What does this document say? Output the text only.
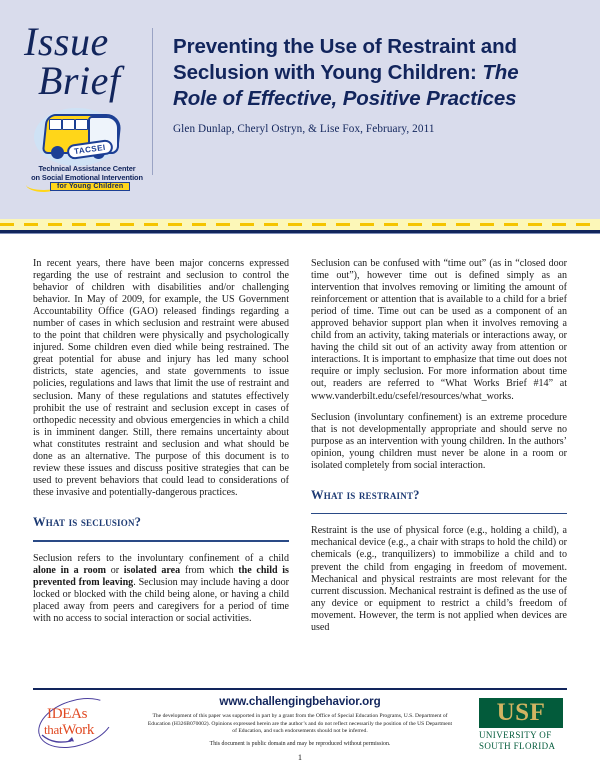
Issue
Brief
TACSEI
Technical Assistance Center
on Social Emotional Intervention
for Young Children
Preventing the Use of Restraint and
Seclusion with Young Children: The
Role of Effective, Positive Practices
Glen Dunlap, Cheryl Ostryn, & Lise Fox, February, 2011

In recent years, there have been major concerns expressed regarding the use of restraint and seclusion to control the behavior of children with disabilities and/or challenging behavior. In May of 2009, for example, the US Government Accountability Office (GAO) released findings regarding a number of cases in which seclusion and restraint were abused to the point that children were physically and psychologically injured. Some children even died while being restrained. The great potential for abuse and injury has led many school districts, state agencies, and state governments to issue policies, regulations and laws that limit the use of restraint and seclusion. Many of these regulations and statutes effectively prohibit the use of restraint and seclusion except in cases of orthopedic necessity and obvious emergencies in which a child is in imminent danger. Still, there remains uncertainty about what constitutes restraint and seclusion and what should be done as an alternative. The purpose of this document is to review these issues and discuss positive strategies that can be used to prevent behaviors that could lead to considerations of these invasive and potentially-dangerous practices.

What is seclusion?

Seclusion refers to the involuntary confinement of a child alone in a room or isolated area from which the child is prevented from leaving. Seclusion may include having a door locked or blocked with the child being alone, or having a child placed away from peers and caregivers for a period of time with no access to social interaction or social activities.

Seclusion can be confused with “time out” (as in “closed door time out”), however time out is defined simply as an intervention that involves removing or limiting the amount of reinforcement or attention that is available to a child for a brief period of time. Time out can be used as a component of an approved behavior support plan when it involves removing a child from an activity, taking materials or interactions away, or having the child sit out of an activity away from attention or interactions. It is important to emphasize that time out does not require or imply seclusion. For more information about time out, readers are referred to “What Works Brief #14” at www.vanderbilt.edu/csefel/resources/what_works.

Seclusion (involuntary confinement) is an extreme procedure that is not developmentally appropriate and should serve no purpose as an intervention with young children. In the authors’ opinion, young children must never be alone in a room or isolated completely from social interaction.

What is restraint?

Restraint is the use of physical force (e.g., holding a child), a mechanical device (e.g., a chair with straps to hold the child) or chemicals (e.g., tranquilizers) to immobilize a child and to prevent the child from engaging in freedom of movement. Mechanical and physical restraints are most relevant for the current discussion. Mechanical restraint is defined as the use of any device or equipment to restrict a child’s freedom of movement. However, the term is not applied when devices are used

IDEAs
thatWork
www.challengingbehavior.org
The development of this paper was supported in part by a grant from the Office of Special Education Programs, U.S. Department of Education (H326B070002). Opinions expressed herein are the author’s and do not reflect necessarily the position of the US Department of Education, and such endorsements should not be inferred.
This document is public domain and may be reproduced without permission.
1
USF
UNIVERSITY OF
SOUTH FLORIDA
